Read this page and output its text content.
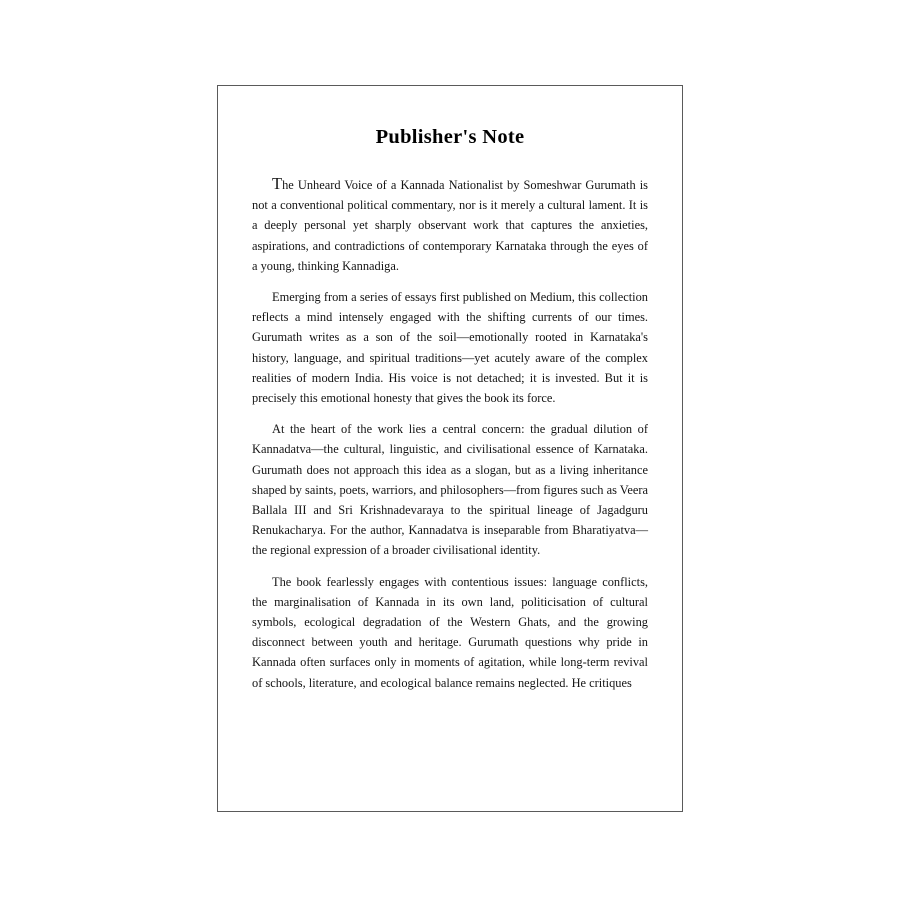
Publisher's Note

The Unheard Voice of a Kannada Nationalist by Someshwar Gurumath is not a conventional political commentary, nor is it merely a cultural lament. It is a deeply personal yet sharply observant work that captures the anxieties, aspirations, and contradictions of contemporary Karnataka through the eyes of a young, thinking Kannadiga.

Emerging from a series of essays first published on Medium, this collection reflects a mind intensely engaged with the shifting currents of our times. Gurumath writes as a son of the soil—emotionally rooted in Karnataka's history, language, and spiritual traditions—yet acutely aware of the complex realities of modern India. His voice is not detached; it is invested. But it is precisely this emotional honesty that gives the book its force.

At the heart of the work lies a central concern: the gradual dilution of Kannadatva—the cultural, linguistic, and civilisational essence of Karnataka. Gurumath does not approach this idea as a slogan, but as a living inheritance shaped by saints, poets, warriors, and philosophers—from figures such as Veera Ballala III and Sri Krishnadevaraya to the spiritual lineage of Jagadguru Renukacharya. For the author, Kannadatva is inseparable from Bharatiyatva—the regional expression of a broader civilisational identity.

The book fearlessly engages with contentious issues: language conflicts, the marginalisation of Kannada in its own land, politicisation of cultural symbols, ecological degradation of the Western Ghats, and the growing disconnect between youth and heritage. Gurumath questions why pride in Kannada often surfaces only in moments of agitation, while long-term revival of schools, literature, and ecological balance remains neglected. He critiques
